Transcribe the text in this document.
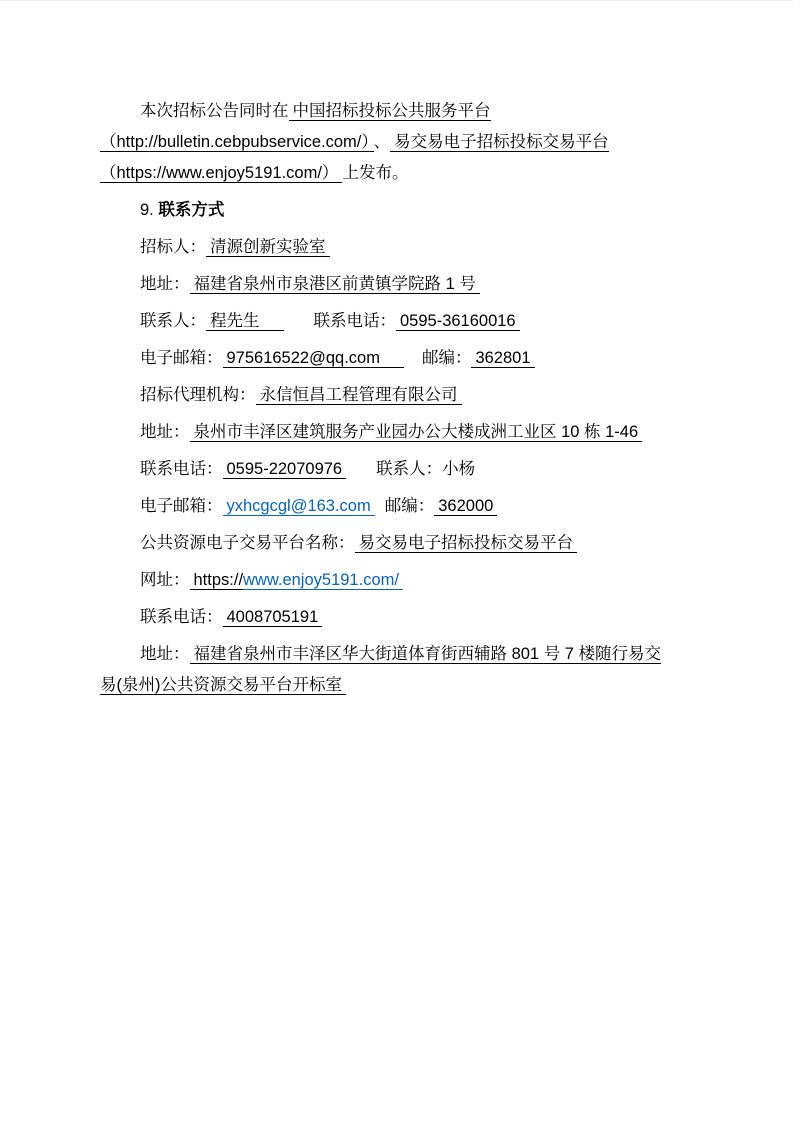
本次招标公告同时在 中国招标投标公共服务平台（http://bulletin.cebpubservice.com/） 、 易交易电子招标投标交易平台（https://www.enjoy5191.com/） 上发布。

9. 联系方式

招标人： 清源创新实验室

地址： 福建省泉州市泉港区前黄镇学院路 1 号

联系人： 程先生	联系电话： 0595-36160016

电子邮箱： 975616522@qq.com	邮编： 362801

招标代理机构： 永信恒昌工程管理有限公司

地址： 泉州市丰泽区建筑服务产业园办公大楼成洲工业区 10 栋 1-46

联系电话： 0595-22070976 联系人：小杨

电子邮箱： yxhcgcgl@163.com 邮编： 362000

公共资源电子交易平台名称： 易交易电子招标投标交易平台

网址： https://www.enjoy5191.com/

联系电话： 4008705191

地址： 福建省泉州市丰泽区华大街道体育街西辅路 801 号 7 楼随行易交易(泉州)公共资源交易平台开标室
